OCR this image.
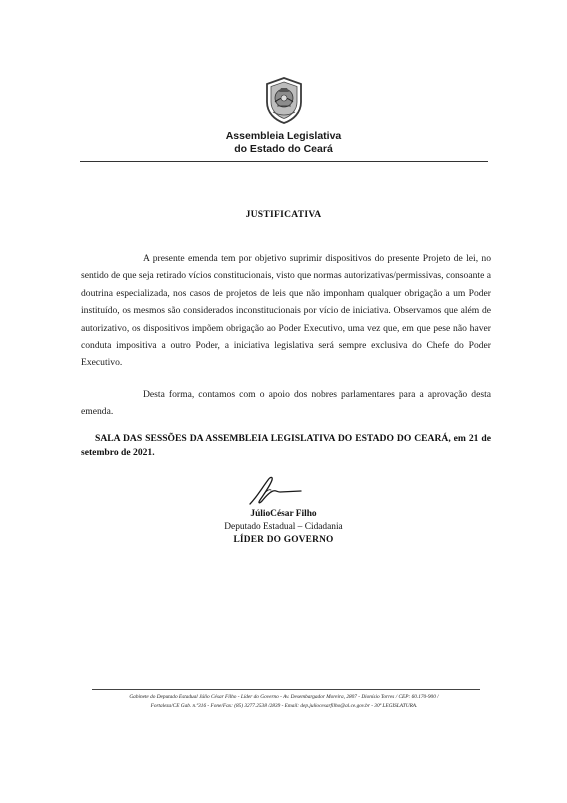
Assembleia Legislativa
do Estado do Ceará
JUSTIFICATIVA
A presente emenda tem por objetivo suprimir dispositivos do presente Projeto de lei, no sentido de que seja retirado vícios constitucionais, visto que normas autorizativas/permissivas, consoante a doutrina especializada, nos casos de projetos de leis que não imponham qualquer obrigação a um Poder instituído, os mesmos são considerados inconstitucionais por vício de iniciativa. Observamos que além de autorizativo, os dispositivos impõem obrigação ao Poder Executivo, uma vez que, em que pese não haver conduta impositiva a outro Poder, a iniciativa legislativa será sempre exclusiva do Chefe do Poder Executivo.
Desta forma, contamos com o apoio dos nobres parlamentares para a aprovação desta emenda.
SALA DAS SESSÕES DA ASSEMBLEIA LEGISLATIVA DO ESTADO DO CEARÁ, em 21 de setembro de 2021.
JúlioCésar Filho
Deputado Estadual – Cidadania
LÍDER DO GOVERNO
Gabinete do Deputado Estadual Júlio César Filho - Líder do Governo - Av. Desembargador Moreira, 2807 - Dionísio Torres / CEP: 60.170-900 /
Fortaleza/CE Gab. n.º316 - Fone/Fax: (85) 3277.2538 /2839 - Email: dep.juliocesarfilho@al.ce.gov.br - 30ª LEGISLATURA.
